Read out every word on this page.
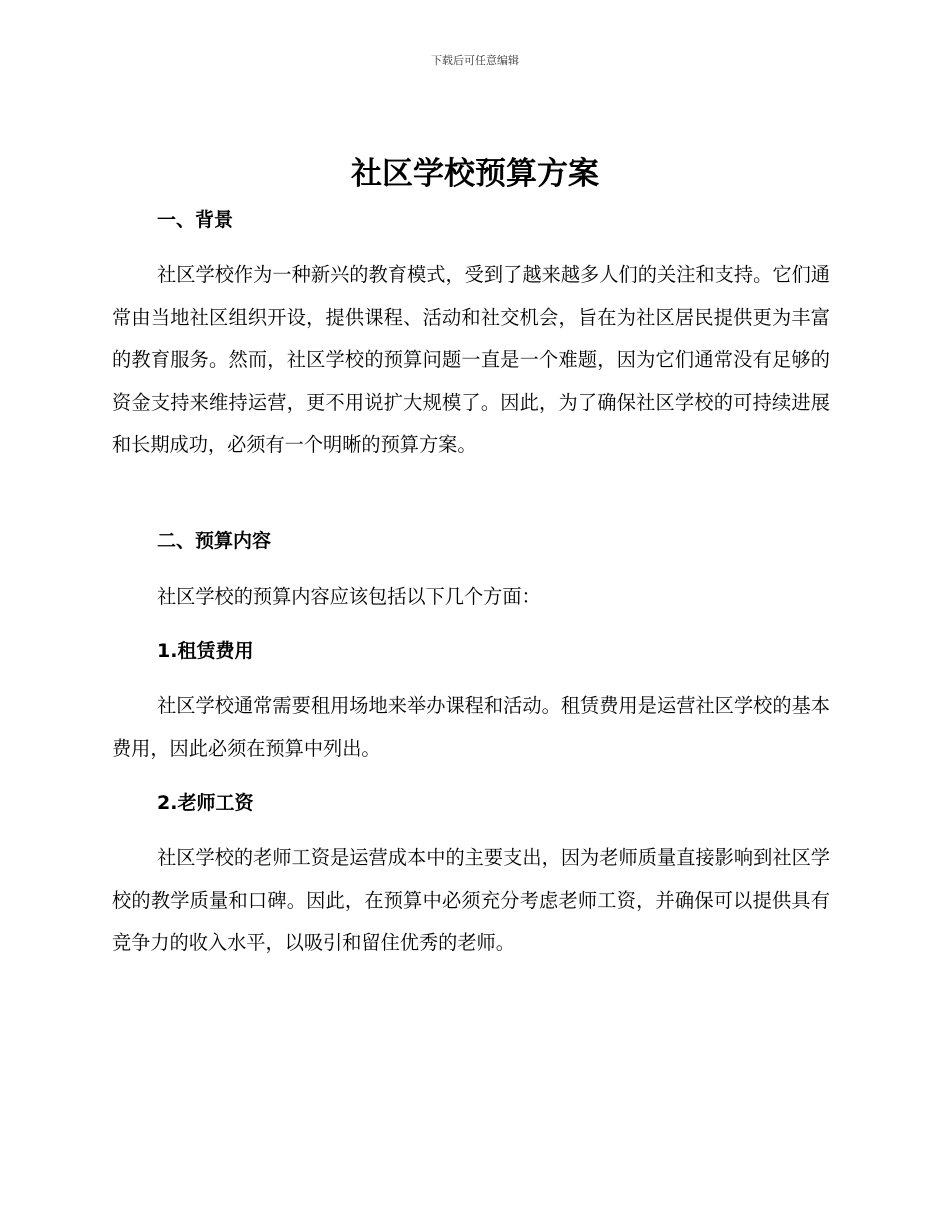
下载后可任意编辑
社区学校预算方案
一、背景

社区学校作为一种新兴的教育模式，受到了越来越多人们的关注和支持。它们通常由当地社区组织开设，提供课程、活动和社交机会，旨在为社区居民提供更为丰富的教育服务。然而，社区学校的预算问题一直是一个难题，因为它们通常没有足够的资金支持来维持运营，更不用说扩大规模了。因此，为了确保社区学校的可持续进展和长期成功，必须有一个明晰的预算方案。

二、预算内容

社区学校的预算内容应该包括以下几个方面：

1.租赁费用

社区学校通常需要租用场地来举办课程和活动。租赁费用是运营社区学校的基本费用，因此必须在预算中列出。

2.老师工资

社区学校的老师工资是运营成本中的主要支出，因为老师质量直接影响到社区学校的教学质量和口碑。因此，在预算中必须充分考虑老师工资，并确保可以提供具有竞争力的收入水平，以吸引和留住优秀的老师。
